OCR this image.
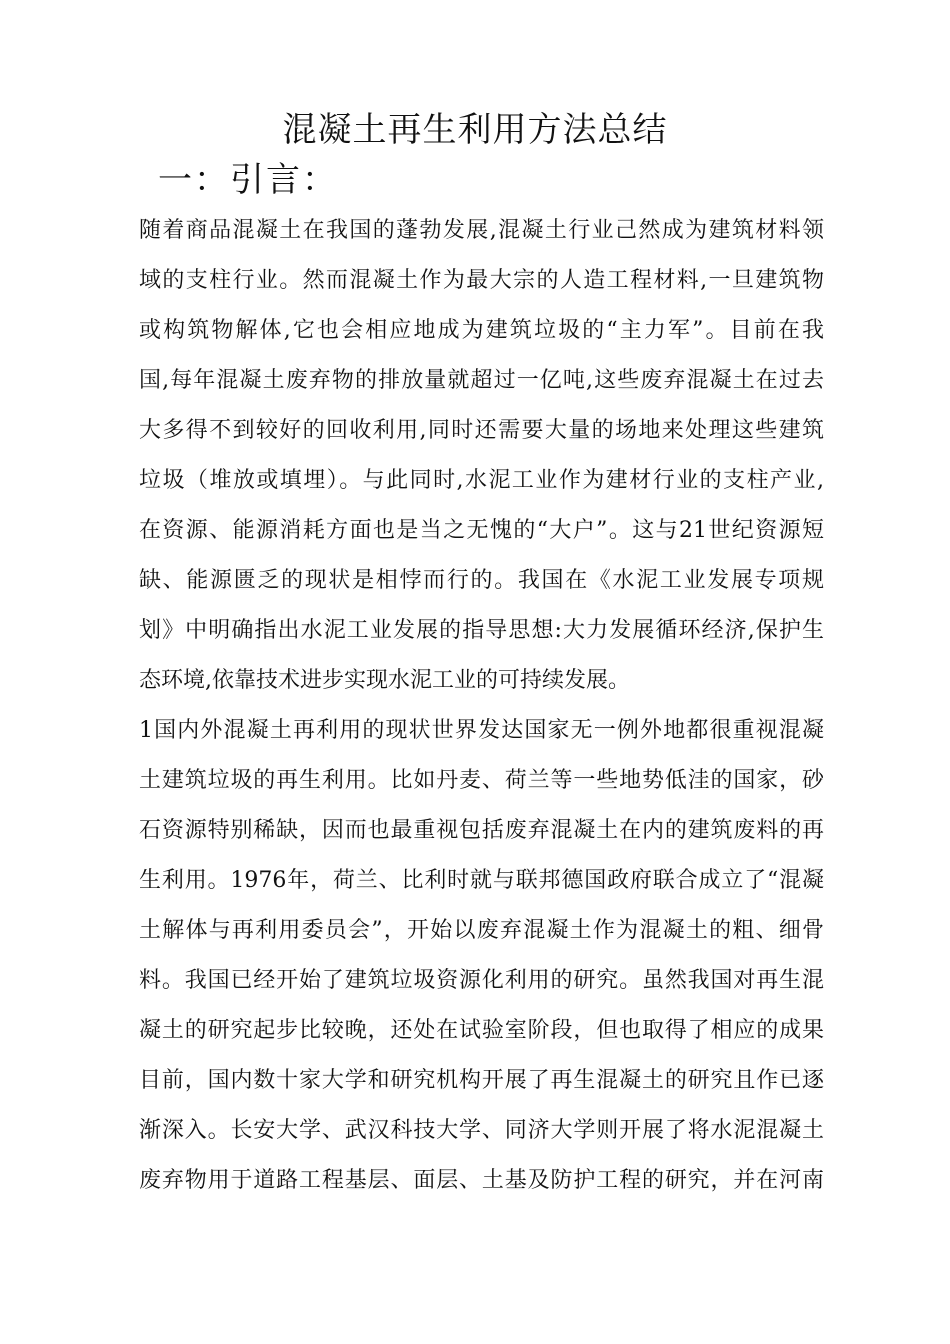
混凝土再生利用方法总结
一：引言：
随着商品混凝土在我国的蓬勃发展,混凝土行业己然成为建筑材料领
域的支柱行业。然而混凝土作为最大宗的人造工程材料,一旦建筑物
或构筑物解体,它也会相应地成为建筑垃圾的“主力军”。目前在我
国,每年混凝土废弃物的排放量就超过一亿吨,这些废弃混凝土在过去
大多得不到较好的回收利用,同时还需要大量的场地来处理这些建筑
垃圾（堆放或填埋）。与此同时,水泥工业作为建材行业的支柱产业,
在资源、能源消耗方面也是当之无愧的“大户”。这与21世纪资源短
缺、能源匮乏的现状是相悖而行的。我国在《水泥工业发展专项规
划》中明确指出水泥工业发展的指导思想:大力发展循环经济,保护生
态环境,依靠技术进步实现水泥工业的可持续发展。
1国内外混凝土再利用的现状世界发达国家无一例外地都很重视混凝
土建筑垃圾的再生利用。比如丹麦、荷兰等一些地势低洼的国家，砂
石资源特别稀缺，因而也最重视包括废弃混凝土在内的建筑废料的再
生利用。1976年，荷兰、比利时就与联邦德国政府联合成立了“混凝
土解体与再利用委员会”，开始以废弃混凝土作为混凝土的粗、细骨
料。我国已经开始了建筑垃圾资源化利用的研究。虽然我国对再生混
凝土的研究起步比较晚，还处在试验室阶段，但也取得了相应的成果
目前，国内数十家大学和研究机构开展了再生混凝土的研究且作已逐
渐深入。长安大学、武汉科技大学、同济大学则开展了将水泥混凝土
废弃物用于道路工程基层、面层、土基及防护工程的研究，并在河南
